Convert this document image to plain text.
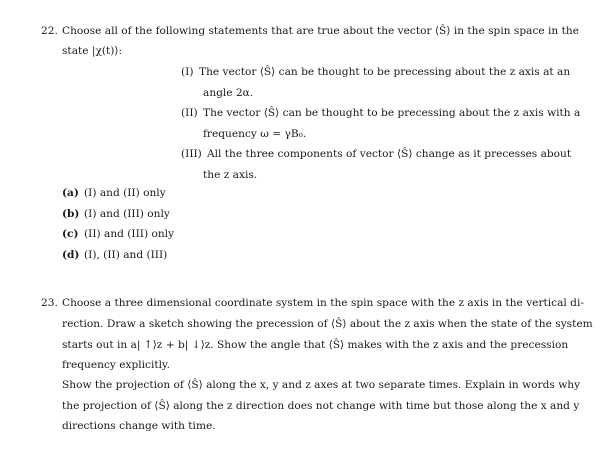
22. Choose all of the following statements that are true about the vector ⟨Ŝ⟩ in the spin space in the
state |χ(t)⟩:
(I) The vector ⟨Ŝ⟩ can be thought to be precessing about the z axis at an
angle 2α.
(II) The vector ⟨Ŝ⟩ can be thought to be precessing about the z axis with a
frequency ω = γB₀.
(III) All the three components of vector ⟨Ŝ⟩ change as it precesses about
the z axis.
(a) (I) and (II) only
(b) (I) and (III) only
(c) (II) and (III) only
(d) (I), (II) and (III)
23. Choose a three dimensional coordinate system in the spin space with the z axis in the vertical di-
rection. Draw a sketch showing the precession of ⟨Ŝ⟩ about the z axis when the state of the system
starts out in a| ↑⟩z + b| ↓⟩z. Show the angle that ⟨Ŝ⟩ makes with the z axis and the precession
frequency explicitly.
Show the projection of ⟨Ŝ⟩ along the x, y and z axes at two separate times. Explain in words why
the projection of ⟨Ŝ⟩ along the z direction does not change with time but those along the x and y
directions change with time.
